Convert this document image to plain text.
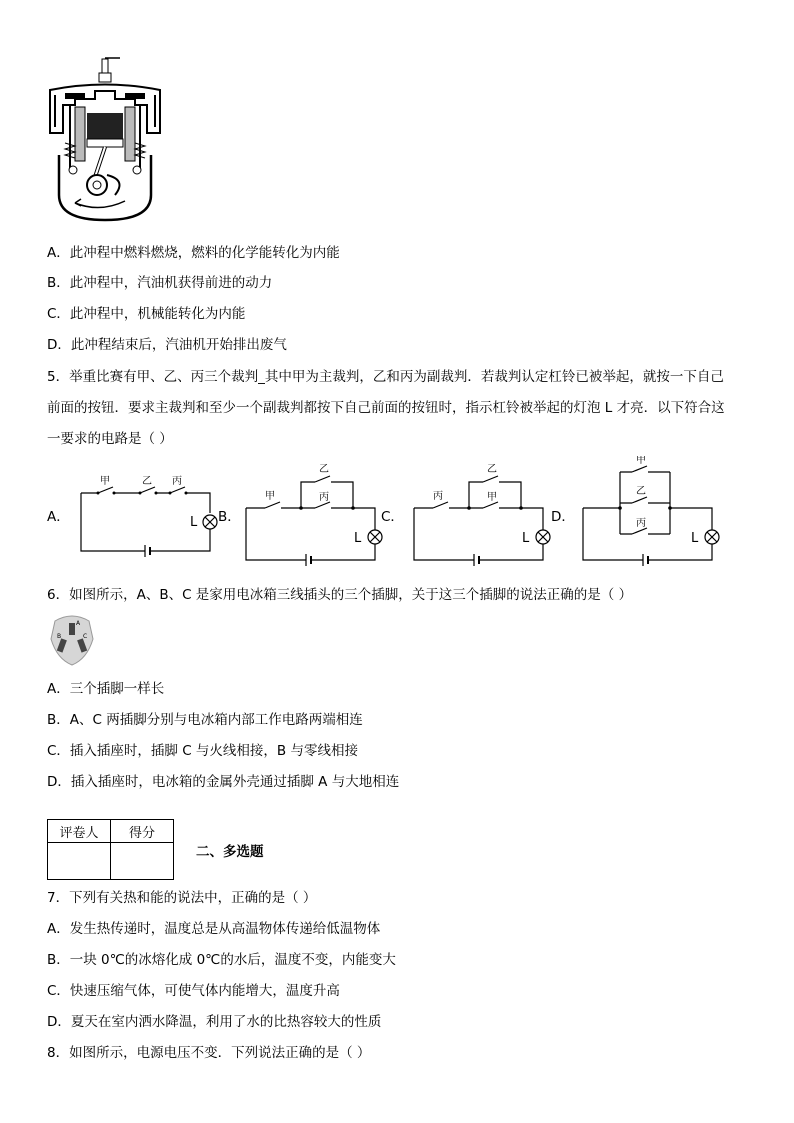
A．此冲程中燃料燃烧，燃料的化学能转化为内能
B．此冲程中，汽油机获得前进的动力
C．此冲程中，机械能转化为内能
D．此冲程结束后，汽油机开始排出废气
5．举重比赛有甲、乙、丙三个裁判_其中甲为主裁判，乙和丙为副裁判．若裁判认定杠铃已被举起，就按一下自己
前面的按钮．要求主裁判和至少一个副裁判都按下自己前面的按钮时，指示杠铃被举起的灯泡 L 才亮．以下符合这
一要求的电路是（ ）
A．	B．	C．	D．
甲	乙 丙
L
甲
乙
丙
L
丙
乙
甲
L
甲
乙
丙
L
6．如图所示，A、B、C 是家用电冰箱三线插头的三个插脚，关于这三个插脚的说法正确的是（ ）
A
B	C
A．三个插脚一样长
B．A、C 两插脚分别与电冰箱内部工作电路两端相连
C．插入插座时，插脚 C 与火线相接，B 与零线相接
D．插入插座时，电冰箱的金属外壳通过插脚 A 与大地相连
评卷人	得分

二、多选题
7．下列有关热和能的说法中，正确的是（ ）
A．发生热传递时，温度总是从高温物体传递给低温物体
B．一块 0℃的冰熔化成 0℃的水后，温度不变，内能变大
C．快速压缩气体，可使气体内能增大，温度升高
D．夏天在室内洒水降温，利用了水的比热容较大的性质
8．如图所示，电源电压不变．下列说法正确的是（ ）
